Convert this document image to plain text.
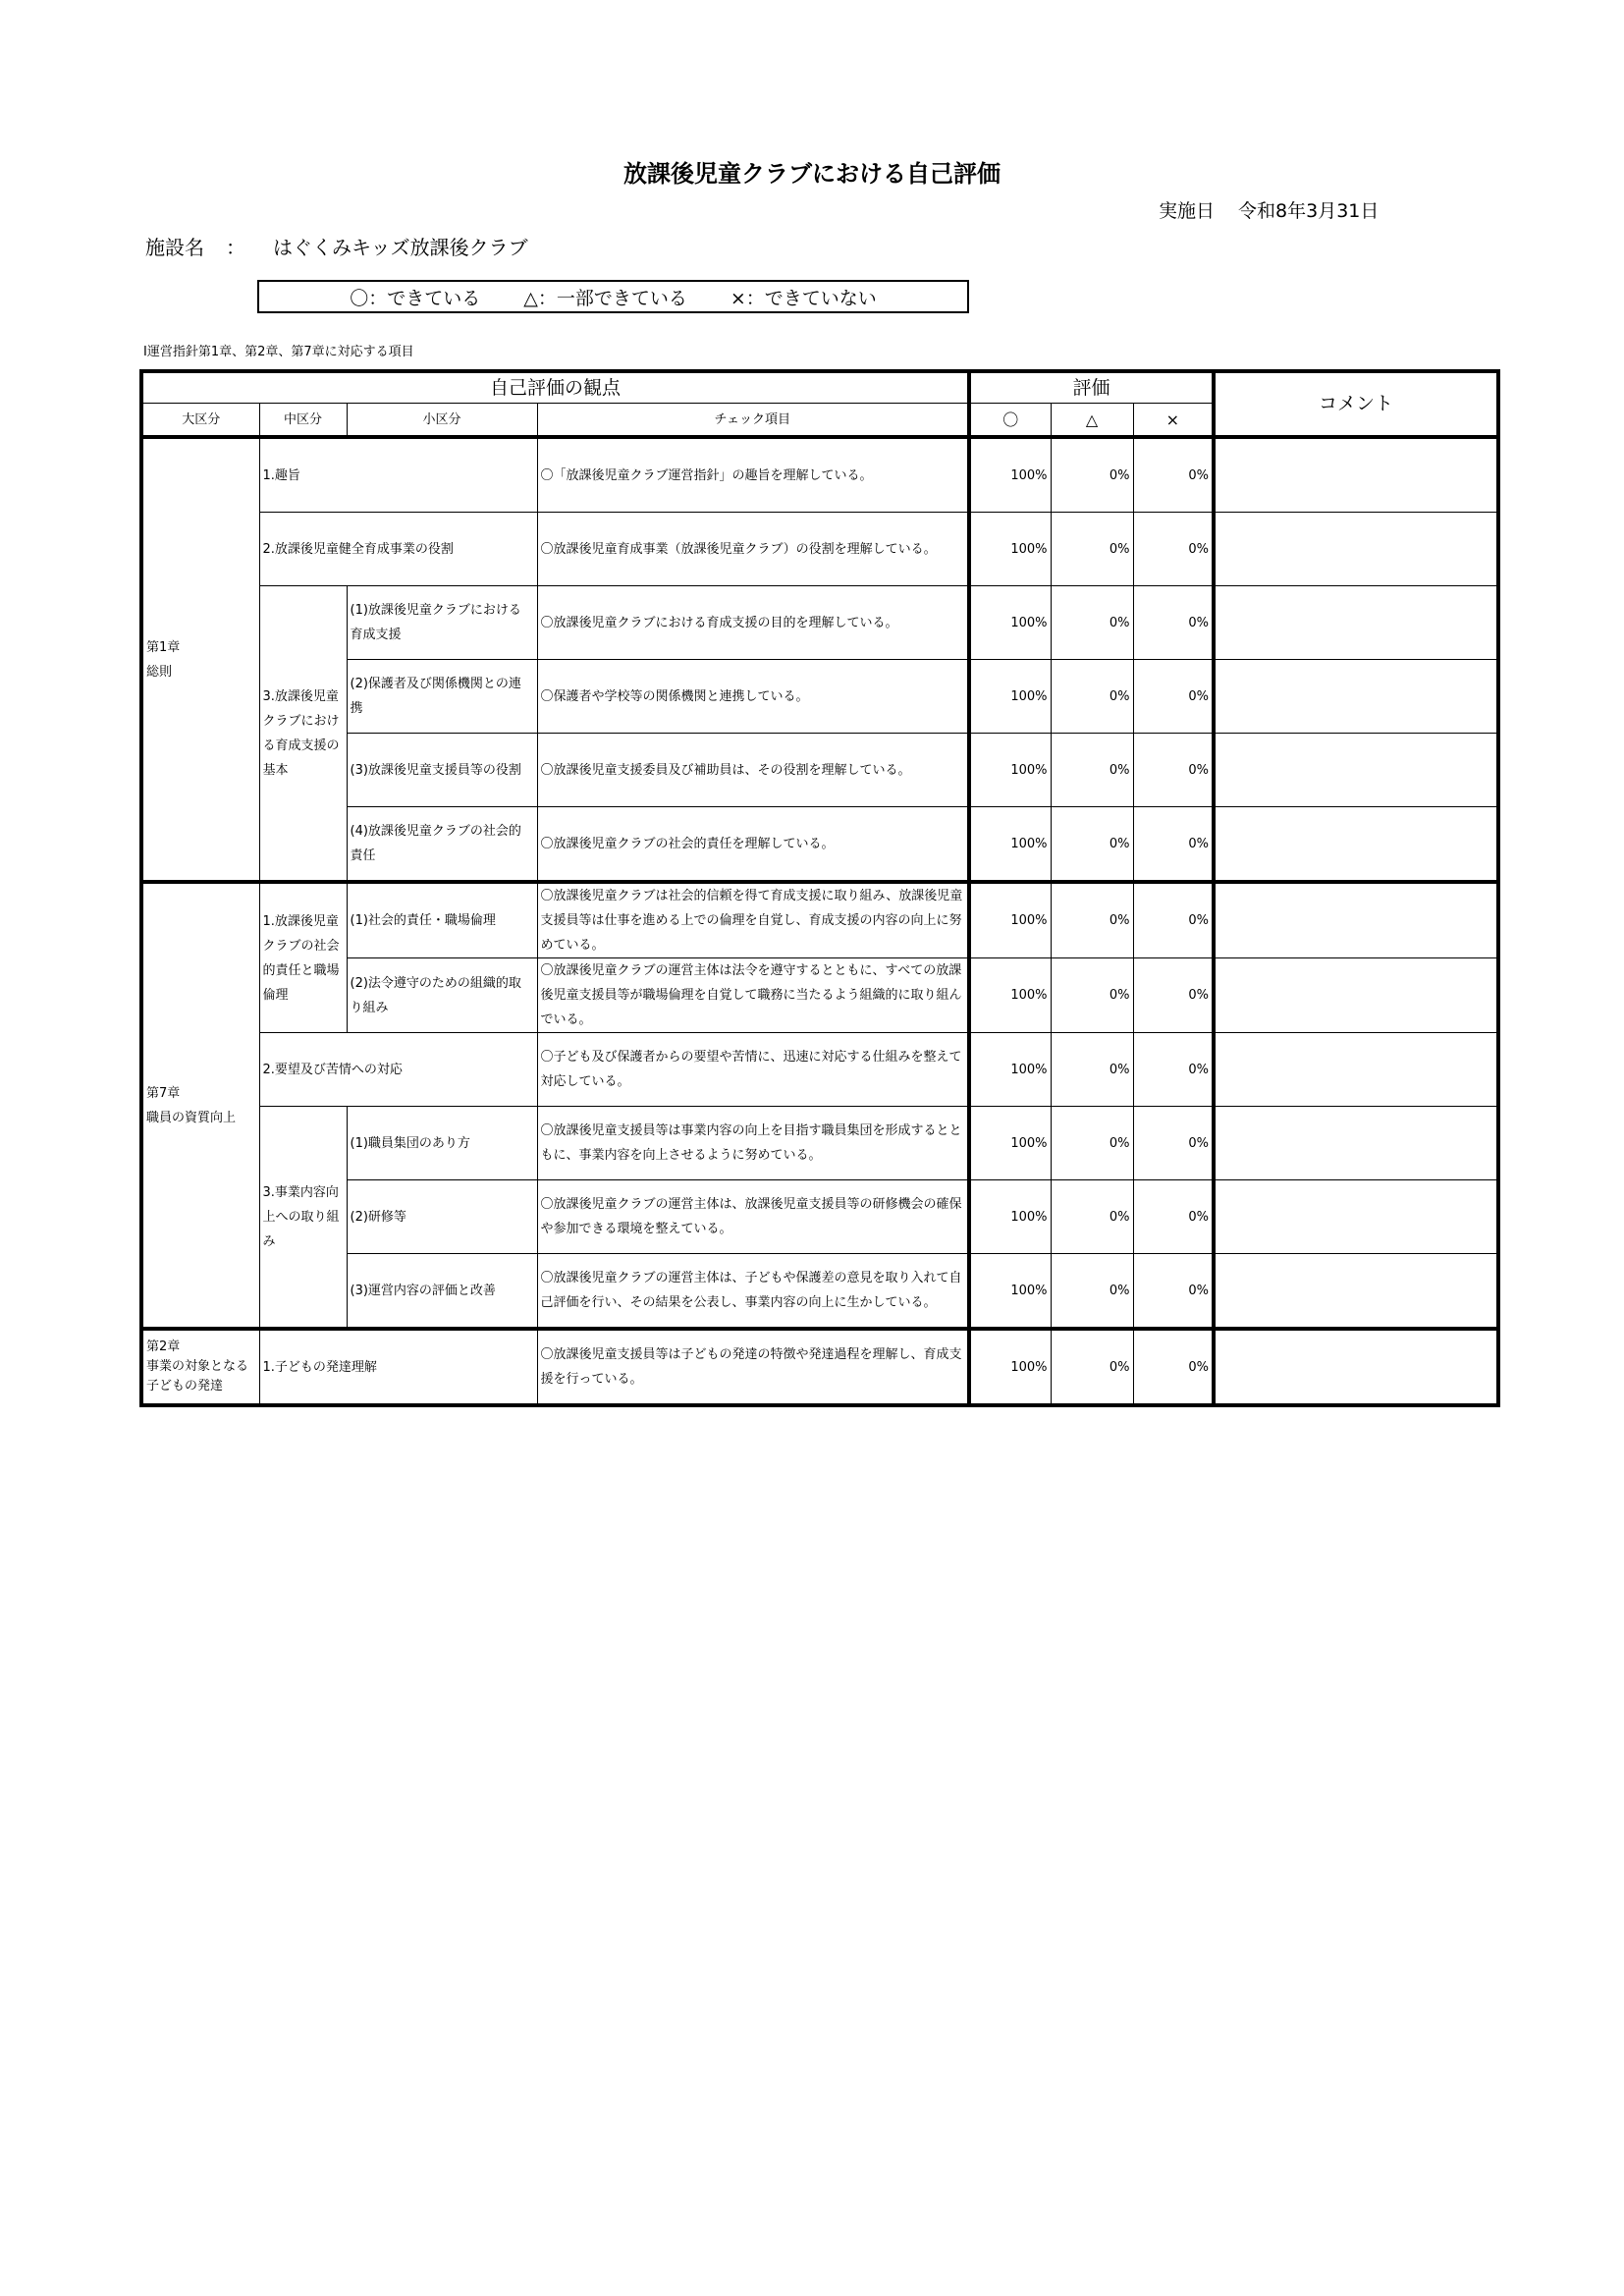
放課後児童クラブにおける自己評価
実施日 令和8年3月31日
施設名 ： はぐくみキッズ放課後クラブ
〇：できている △：一部できている ×：できていない
Ⅰ運営指針第1章、第2章、第7章に対応する項目
自己評価の観点				評価			コメント
大区分	中区分	小区分	チェック項目	〇	△	×	
第1章
総則	1.趣旨		〇「放課後児童クラブ運営指針」の趣旨を理解している。	100%	0%	0%	
	2.放課後児童健全育成事業の役割		〇放課後児童育成事業（放課後児童クラブ）の役割を理解している。	100%	0%	0%	
	3.放課後児童クラブにおける育成支援の基本	(1)放課後児童クラブにおける育成支援	〇放課後児童クラブにおける育成支援の目的を理解している。	100%	0%	0%	
		(2)保護者及び関係機関との連携	〇保護者や学校等の関係機関と連携している。	100%	0%	0%	
		(3)放課後児童支援員等の役割	〇放課後児童支援委員及び補助員は、その役割を理解している。	100%	0%	0%	
		(4)放課後児童クラブの社会的責任	〇放課後児童クラブの社会的責任を理解している。	100%	0%	0%	
第7章
職員の資質向上	1.放課後児童クラブの社会的責任と職場倫理	(1)社会的責任・職場倫理	〇放課後児童クラブは社会的信頼を得て育成支援に取り組み、放課後児童支援員等は仕事を進める上での倫理を自覚し、育成支援の内容の向上に努めている。	100%	0%	0%	
		(2)法令遵守のための組織的取り組み	〇放課後児童クラブの運営主体は法令を遵守するとともに、すべての放課後児童支援員等が職場倫理を自覚して職務に当たるよう組織的に取り組んでいる。	100%	0%	0%	
	2.要望及び苦情への対応		〇子ども及び保護者からの要望や苦情に、迅速に対応する仕組みを整えて対応している。	100%	0%	0%	
	3.事業内容向上への取り組み	(1)職員集団のあり方	〇放課後児童支援員等は事業内容の向上を目指す職員集団を形成するとともに、事業内容を向上させるように努めている。	100%	0%	0%	
		(2)研修等	〇放課後児童クラブの運営主体は、放課後児童支援員等の研修機会の確保や参加できる環境を整えている。	100%	0%	0%	
		(3)運営内容の評価と改善	〇放課後児童クラブの運営主体は、子どもや保護差の意見を取り入れて自己評価を行い、その結果を公表し、事業内容の向上に生かしている。	100%	0%	0%	
第2章
事業の対象となる子どもの発達	1.子どもの発達理解		〇放課後児童支援員等は子どもの発達の特徴や発達過程を理解し、育成支援を行っている。	100%	0%	0%	
